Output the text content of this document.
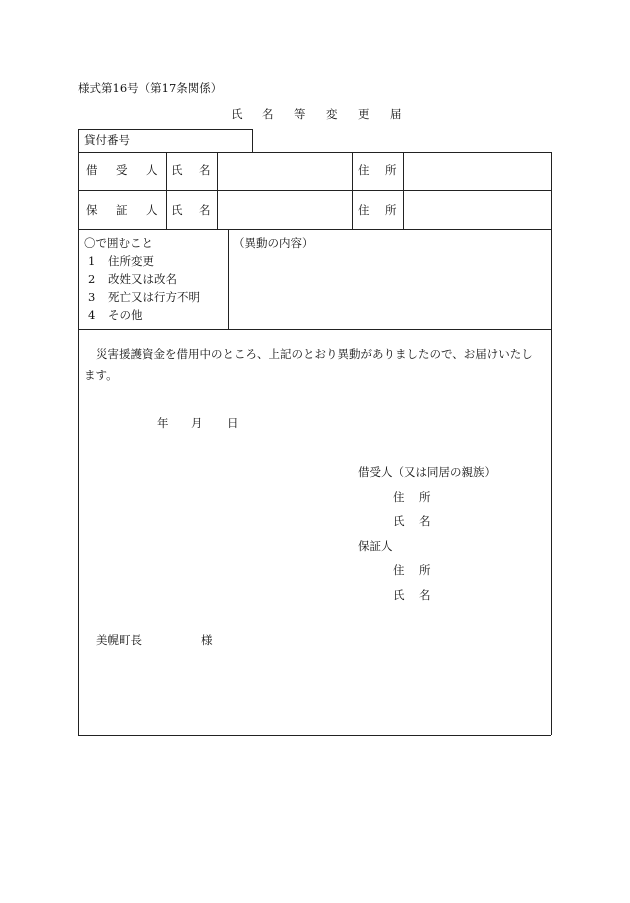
様式第16号（第17条関係）
氏 名 等 変 更 届
貸付番号
借 受 人 氏 名	住 所
保 証 人 氏 名	住 所
〇で囲むこと
1 住所変更
2 改姓又は改名
3 死亡又は行方不明
4 その他
（異動の内容）
災害援護資金を借用中のところ、上記のとおり異動がありましたので、お届けいたし
ます。
年 月 日
借受人（又は同居の親族）
住 所
氏 名
保証人
住 所
氏 名
美幌町長	様
